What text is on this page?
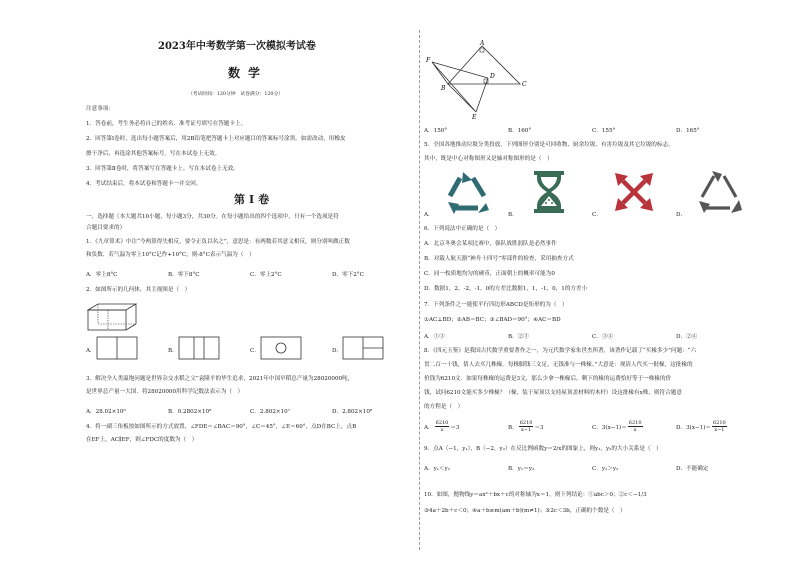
2023年中考数学第一次模拟考试卷
数学
（考试时间：120分钟　试卷满分：120分）
注意事项：
1．答卷前，考生务必将自己的姓名、准考证号填写在答题卡上。
2．回答第Ⅰ卷时，选出每小题答案后，用2B铅笔把答题卡上对应题目的答案标号涂黑。如需改动，用橡皮
擦干净后，再选涂其他答案标号。写在本试卷上无效。
3．回答第Ⅱ卷时，将答案写在答题卡上。写在本试卷上无效。
4．考试结束后，将本试卷和答题卡一并交回。
第Ⅰ卷
一、选择题（本大题共10小题，每小题3分，共30分。在每小题给出的四个选项中，只有一个选项是符
合题目要求的）
1．《九章算术》中注“今两算得失相反，要令正负以名之”，意思是：有两数若其意义相反，则分别叫做正数
和负数．若气温为零上10°C记作+10°C，则-8°C表示气温为（　）
A．零上8°C	B．零下8°C	C．零上2°C	D．零下2°C
2．如图所示的几何体，其主视图是（　）
A．	B．	C．	D．
3．解决全人类温饱问题是世界杂交水稻之父”袁隆平的毕生追求，2021年中国早稻总产量为28020000吨，
是世界总产量一大国．将28020000用科学记数法表示为（　）
A．28.02×10⁶	B．0.2802×10⁸	C．2.802×10⁷	D．2.802×10⁸
4．将一副三角板按如图所示的方式放置，∠FDE＝∠BAC＝90°，∠C＝45°，∠E＝60°，点D在BC上，点B
在EF上，AC∥EF，则∠FDC的度数为（　）
A
F
B
D
C
E
A．150°	B．160°	C．155°	D．165°
5．全国各地推动垃圾分类投放，下列图形分别是可回收物、厨余垃圾、有害垃圾及其它垃圾的标志，
其中，既是中心对称图形又是轴对称图形的是（　）
A．	B．	C．	D．
6．下列说法中正确的是（　）
A．北京冬奥会某项比赛中，强队战胜弱队是必然事件
B．对载人航天器“神舟十四号”零部件的检查，采用抽查方式
C．同一枚质地均匀的硬币，正面朝上的概率可能为0
D．数据1，2，-2，-1，0的方差比数据1，1，-1，0，1的方差小
7．下列条件之一能使平行四边形ABCD是矩形的为（　）
①AC⊥BD；②AB＝BC；③∠BAD＝90°；④AC＝BD
A．①③	B．②③	C．③④	D．②④
8．《四元玉鉴》是我国古代数学重要著作之一，为元代数学家朱世杰所著，该著作记载了“买椽多少”问题：“六
贯二百一十钱，倩人去买几株椽。每株脚钱三文足，无钱准与一株椽。”大意是：现请人代买一批椽，这批椽的
价钱为6210文．如果每株椽的运费是3文，那么少拿一株椽后，剩下的椽的运费恰好等于一株椽的价
钱，试问6210文能买多少株椽？（椽，装于屋顶以支持屋顶盖材料的木杆）设这批椽有x株，则符合题意
的方程是（　）
A． $\frac{6210}{x} =3$	B． $\frac{6210}{x-1} =3$	C． $3(x-1)= \frac{6210}{x}$	D． $3(x-1)= \frac{6210}{x-1}$
9．点A（−1，y₁），B（−2，y₂）在反比例函数y＝2/x的图象上，则y₁，y₂的大小关系是（　）
A．y₁＜y₂	B．y₁＝y₂	C．y₁＞y₂	D．不能确定
10．如图，抛物线y＝ax²＋bx＋c的对称轴为x＝1，则下列结论：①abc＞0；②c＜−1/3
③4a＋2b＋c＜0；④a＋b≥m(am＋b)(m≠1)；⑤2c＜3b，正确的个数是（　）
